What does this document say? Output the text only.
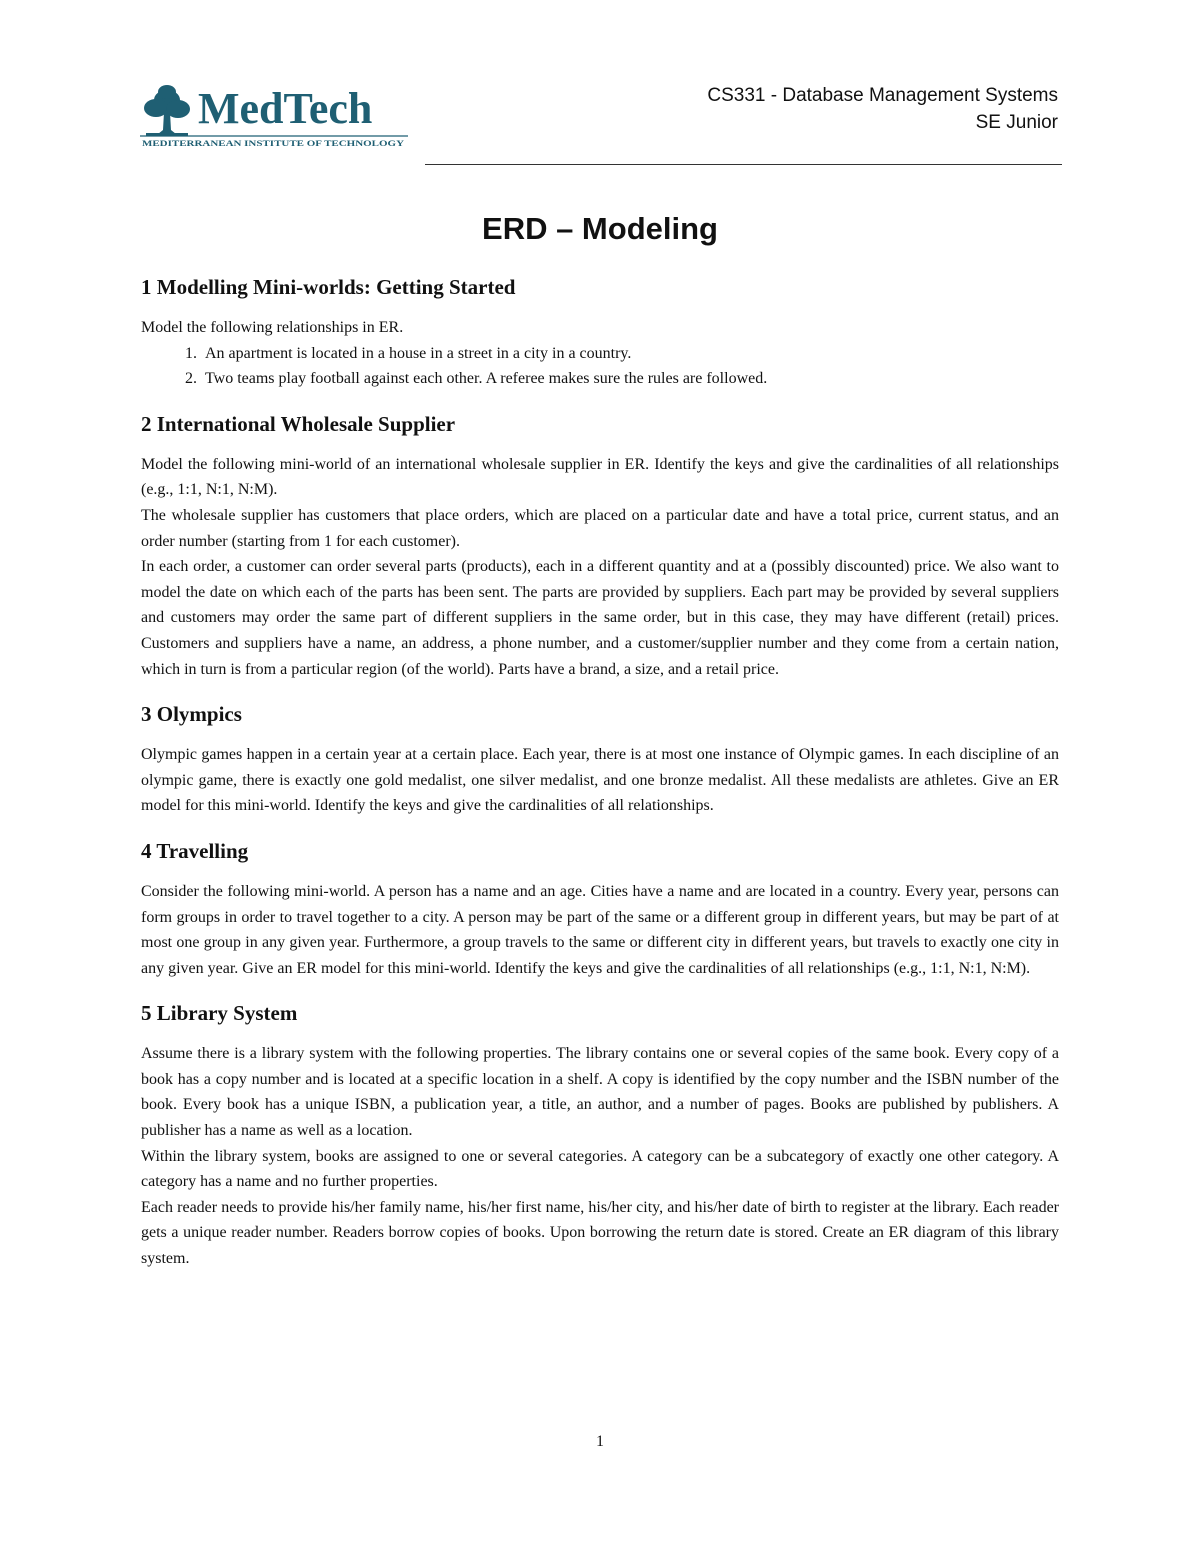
MedTech
MEDITERRANEAN INSTITUTE OF TECHNOLOGY
CS331 - Database Management Systems
SE Junior
ERD – Modeling
1 Modelling Mini-worlds: Getting Started

Model the following relationships in ER.

1. An apartment is located in a house in a street in a city in a country.
2. Two teams play football against each other. A referee makes sure the rules are followed.
2 International Wholesale Supplier

Model the following mini-world of an international wholesale supplier in ER. Identify the keys and give the cardinalities of all relationships (e.g., 1:1, N:1, N:M).

The wholesale supplier has customers that place orders, which are placed on a particular date and have a total price, current status, and an order number (starting from 1 for each customer).

In each order, a customer can order several parts (products), each in a different quantity and at a (possibly discounted) price. We also want to model the date on which each of the parts has been sent. The parts are provided by suppliers. Each part may be provided by several suppliers and customers may order the same part of different suppliers in the same order, but in this case, they may have different (retail) prices. Customers and suppliers have a name, an address, a phone number, and a customer/supplier number and they come from a certain nation, which in turn is from a particular region (of the world). Parts have a brand, a size, and a retail price.

3 Olympics

Olympic games happen in a certain year at a certain place. Each year, there is at most one instance of Olympic games. In each discipline of an olympic game, there is exactly one gold medalist, one silver medalist, and one bronze medalist. All these medalists are athletes. Give an ER model for this mini-world. Identify the keys and give the cardinalities of all relationships.

4 Travelling

Consider the following mini-world. A person has a name and an age. Cities have a name and are located in a country. Every year, persons can form groups in order to travel together to a city. A person may be part of the same or a different group in different years, but may be part of at most one group in any given year. Furthermore, a group travels to the same or different city in different years, but travels to exactly one city in any given year. Give an ER model for this mini-world. Identify the keys and give the cardinalities of all relationships (e.g., 1:1, N:1, N:M).

5 Library System

Assume there is a library system with the following properties. The library contains one or several copies of the same book. Every copy of a book has a copy number and is located at a specific location in a shelf. A copy is identified by the copy number and the ISBN number of the book. Every book has a unique ISBN, a publication year, a title, an author, and a number of pages. Books are published by publishers. A publisher has a name as well as a location.

Within the library system, books are assigned to one or several categories. A category can be a subcategory of exactly one other category. A category has a name and no further properties.

Each reader needs to provide his/her family name, his/her first name, his/her city, and his/her date of birth to register at the library. Each reader gets a unique reader number. Readers borrow copies of books. Upon borrowing the return date is stored. Create an ER diagram of this library system.

1
